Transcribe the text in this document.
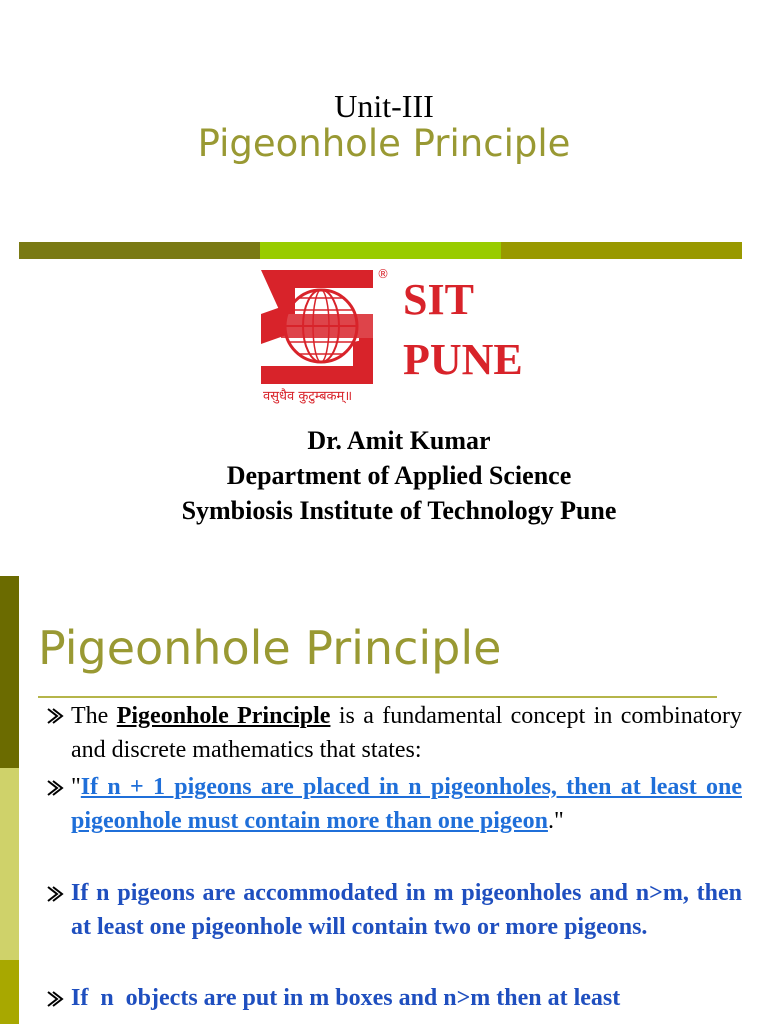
Unit-III
Pigeonhole Principle
SIT
PUNE
®
वसुधैव कुटुम्बकम्॥
Dr. Amit Kumar
Department of Applied Science
Symbiosis Institute of Technology Pune
Pigeonhole Principle
The Pigeonhole Principle is a fundamental concept in combinatory and discrete mathematics that states:
"If n + 1 pigeons are placed in n pigeonholes, then at least one pigeonhole must contain more than one pigeon."
If n pigeons are accommodated in m pigeonholes and n>m, then at least one pigeonhole will contain two or more pigeons.
If  n  objects are put in m boxes and n>m then at least
